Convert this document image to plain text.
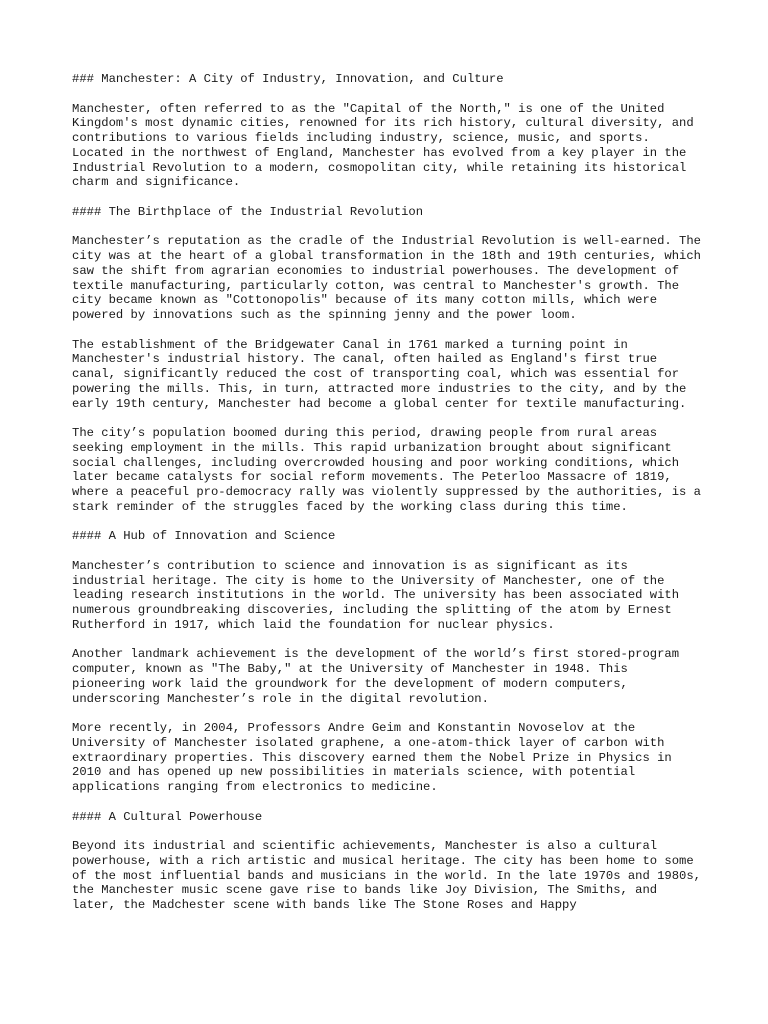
### Manchester: A City of Industry, Innovation, and Culture

Manchester, often referred to as the "Capital of the North," is one of the United Kingdom's most dynamic cities, renowned for its rich history, cultural diversity, and contributions to various fields including industry, science, music, and sports. Located in the northwest of England, Manchester has evolved from a key player in the Industrial Revolution to a modern, cosmopolitan city, while retaining its historical charm and significance.

#### The Birthplace of the Industrial Revolution

Manchester’s reputation as the cradle of the Industrial Revolution is well-earned. The city was at the heart of a global transformation in the 18th and 19th centuries, which saw the shift from agrarian economies to industrial powerhouses. The development of textile manufacturing, particularly cotton, was central to Manchester's growth. The city became known as "Cottonopolis" because of its many cotton mills, which were powered by innovations such as the spinning jenny and the power loom.

The establishment of the Bridgewater Canal in 1761 marked a turning point in Manchester's industrial history. The canal, often hailed as England's first true canal, significantly reduced the cost of transporting coal, which was essential for powering the mills. This, in turn, attracted more industries to the city, and by the early 19th century, Manchester had become a global center for textile manufacturing.

The city’s population boomed during this period, drawing people from rural areas seeking employment in the mills. This rapid urbanization brought about significant social challenges, including overcrowded housing and poor working conditions, which later became catalysts for social reform movements. The Peterloo Massacre of 1819, where a peaceful pro-democracy rally was violently suppressed by the authorities, is a stark reminder of the struggles faced by the working class during this time.

#### A Hub of Innovation and Science

Manchester’s contribution to science and innovation is as significant as its industrial heritage. The city is home to the University of Manchester, one of the leading research institutions in the world. The university has been associated with numerous groundbreaking discoveries, including the splitting of the atom by Ernest Rutherford in 1917, which laid the foundation for nuclear physics.

Another landmark achievement is the development of the world’s first stored-program computer, known as "The Baby," at the University of Manchester in 1948. This pioneering work laid the groundwork for the development of modern computers, underscoring Manchester’s role in the digital revolution.

More recently, in 2004, Professors Andre Geim and Konstantin Novoselov at the University of Manchester isolated graphene, a one-atom-thick layer of carbon with extraordinary properties. This discovery earned them the Nobel Prize in Physics in 2010 and has opened up new possibilities in materials science, with potential applications ranging from electronics to medicine.

#### A Cultural Powerhouse

Beyond its industrial and scientific achievements, Manchester is also a cultural powerhouse, with a rich artistic and musical heritage. The city has been home to some of the most influential bands and musicians in the world. In the late 1970s and 1980s, the Manchester music scene gave rise to bands like Joy Division, The Smiths, and later, the Madchester scene with bands like The Stone Roses and Happy
